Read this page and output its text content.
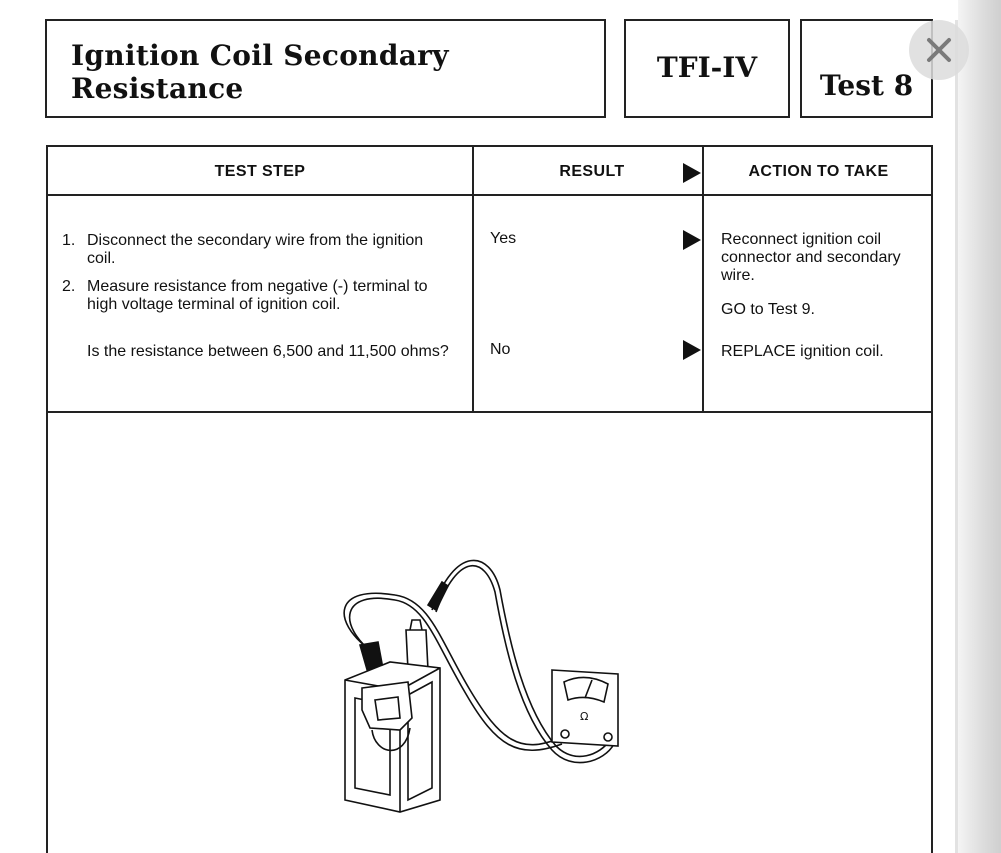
Ignition Coil Secondary Resistance
TFI-IV
Test 8
TEST STEP	RESULT	ACTION TO TAKE
1. Disconnect the secondary wire from the ignition coil.
2. Measure resistance from negative (-) terminal to high voltage terminal of ignition coil.
Is the resistance between 6,500 and 11,500 ohms?
Yes	Reconnect ignition coil connector and secondary wire.
GO to Test 9.
No	REPLACE ignition coil.
Ω
